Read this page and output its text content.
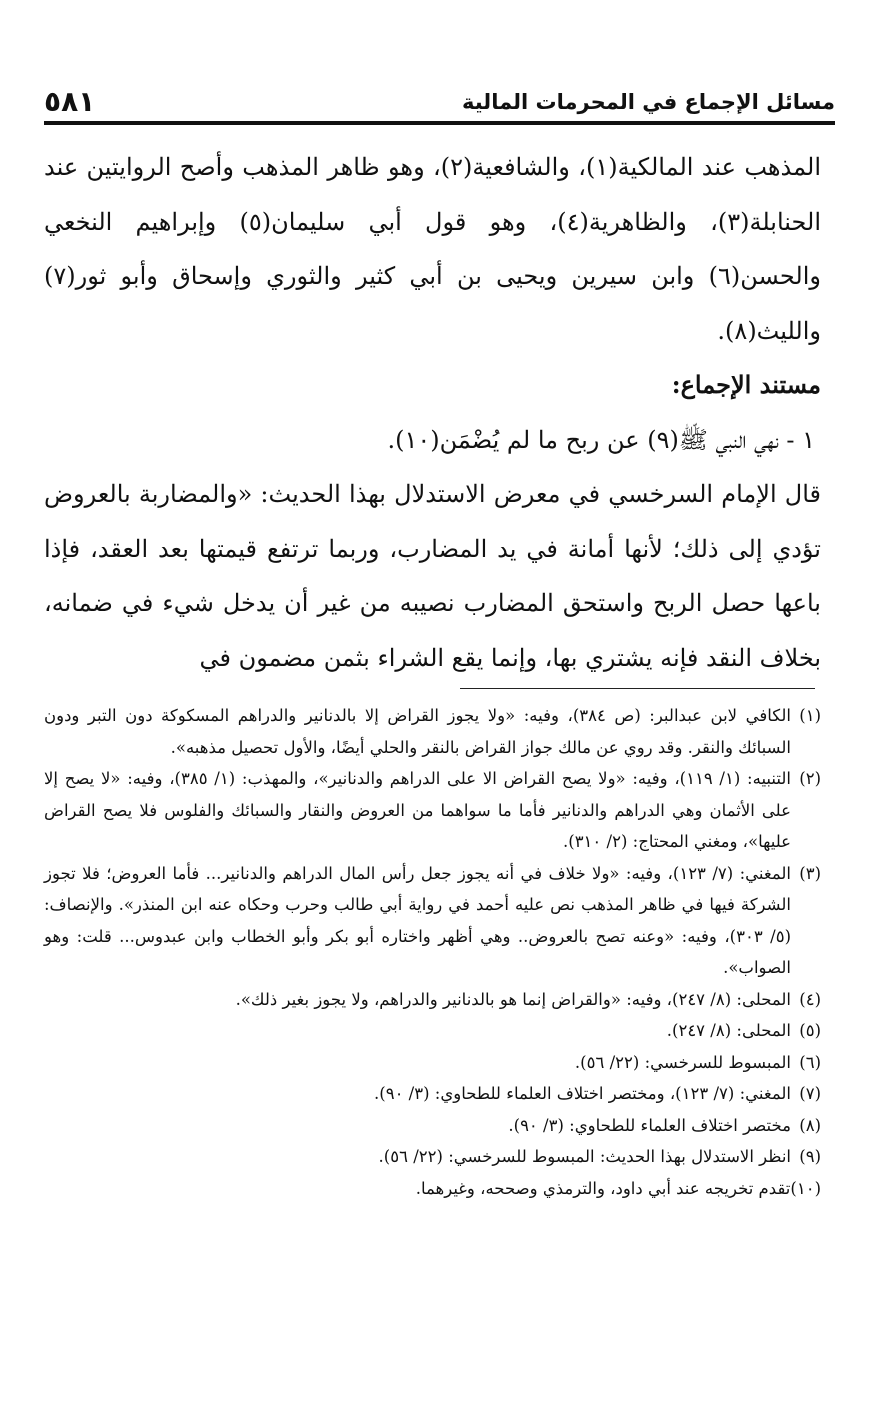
مسائل الإجماع في المحرمات المالية
٥٨١

المذهب عند المالكية(١)، والشافعية(٢)، وهو ظاهر المذهب وأصح الروايتين عند الحنابلة(٣)، والظاهرية(٤)، وهو قول أبي سليمان(٥) وإبراهيم النخعي والحسن(٦) وابن سيرين ويحيى بن أبي كثير والثوري وإسحاق وأبو ثور(٧) والليث(٨).

مستند الإجماع:

١ - نهي النبي ﷺ(٩) عن ربح ما لم يُضْمَن(١٠).

قال الإمام السرخسي في معرض الاستدلال بهذا الحديث: «والمضاربة بالعروض تؤدي إلى ذلك؛ لأنها أمانة في يد المضارب، وربما ترتفع قيمتها بعد العقد، فإذا باعها حصل الربح واستحق المضارب نصيبه من غير أن يدخل شيء في ضمانه، بخلاف النقد فإنه يشتري بها، وإنما يقع الشراء بثمن مضمون في

(١)
الكافي لابن عبدالبر: (ص ٣٨٤)، وفيه: «ولا يجوز القراض إلا بالدنانير والدراهم المسكوكة دون التبر ودون السبائك والنقر. وقد روي عن مالك جواز القراض بالنقر والحلي أيضًا، والأول تحصيل مذهبه».
(٢)
التنبيه: (١/ ١١٩)، وفيه: «ولا يصح القراض الا على الدراهم والدنانير»، والمهذب: (١/ ٣٨٥)، وفيه: «لا يصح إلا على الأثمان وهي الدراهم والدنانير فأما ما سواهما من العروض والنقار والسبائك والفلوس فلا يصح القراض عليها»، ومغني المحتاج: (٢/ ٣١٠).
(٣)
المغني: (٧/ ١٢٣)، وفيه: «ولا خلاف في أنه يجوز جعل رأس المال الدراهم والدنانير... فأما العروض؛ فلا تجوز الشركة فيها في ظاهر المذهب نص عليه أحمد في رواية أبي طالب وحرب وحكاه عنه ابن المنذر». والإنصاف: (٥/ ٣٠٣)، وفيه: «وعنه تصح بالعروض.. وهي أظهر واختاره أبو بكر وأبو الخطاب وابن عبدوس... قلت: وهو الصواب».
(٤)
المحلى: (٨/ ٢٤٧)، وفيه: «والقراض إنما هو بالدنانير والدراهم، ولا يجوز بغير ذلك».
(٥)
المحلى: (٨/ ٢٤٧).
(٦)
المبسوط للسرخسي: (٢٢/ ٥٦).
(٧)
المغني: (٧/ ١٢٣)، ومختصر اختلاف العلماء للطحاوي: (٣/ ٩٠).
(٨)
مختصر اختلاف العلماء للطحاوي: (٣/ ٩٠).
(٩)
انظر الاستدلال بهذا الحديث: المبسوط للسرخسي: (٢٢/ ٥٦).
(١٠)
تقدم تخريجه عند أبي داود، والترمذي وصححه، وغيرهما.
